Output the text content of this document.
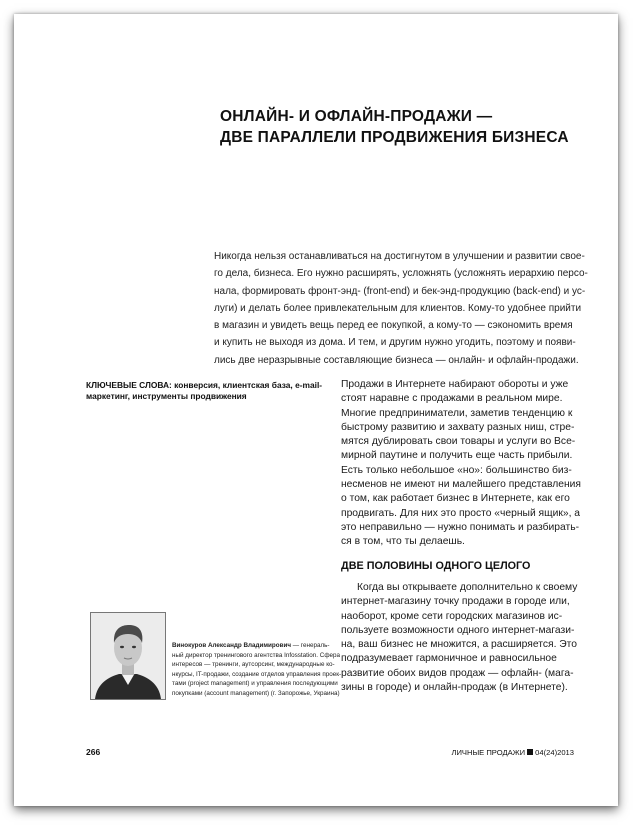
ОНЛАЙН- И ОФЛАЙН-ПРОДАЖИ —
ДВЕ ПАРАЛЛЕЛИ ПРОДВИЖЕНИЯ БИЗНЕСА
Никогда нельзя останавливаться на достигнутом в улучшении и развитии свое-
го дела, бизнеса. Его нужно расширять, усложнять (усложнять иерархию персо-
нала, формировать фронт-энд- (front-end) и бек-энд-продукцию (back-end) и ус-
луги) и делать более привлекательным для клиентов. Кому-то удобнее прийти
в магазин и увидеть вещь перед ее покупкой, а кому-то — сэкономить время
и купить не выходя из дома. И тем, и другим нужно угодить, поэтому и появи-
лись две неразрывные составляющие бизнеса — онлайн- и офлайн-продажи.
КЛЮЧЕВЫЕ СЛОВА: конверсия, клиентская база, e-mail-
маркетинг, инструменты продвижения
Продажи в Интернете набирают обороты и уже
стоят наравне с продажами в реальном мире.
Многие предприниматели, заметив тенденцию к
быстрому развитию и захвату разных ниш, стре-
мятся дублировать свои товары и услуги во Все-
мирной паутине и получить еще часть прибыли.
Есть только небольшое «но»: большинство биз-
несменов не имеют ни малейшего представления
о том, как работает бизнес в Интернете, как его
продвигать. Для них это просто «черный ящик», а
это неправильно — нужно понимать и разбирать-
ся в том, что ты делаешь.
ДВЕ ПОЛОВИНЫ ОДНОГО ЦЕЛОГО
Когда вы открываете дополнительно к своему
интернет-магазину точку продажи в городе или,
наоборот, кроме сети городских магазинов ис-
пользуете возможности одного интернет-магази-
на, ваш бизнес не множится, а расширяется. Это
подразумевает гармоничное и равносильное
развитие обоих видов продаж — офлайн- (мага-
зины в городе) и онлайн-продаж (в Интернете).
Винокуров Александр Владимирович — генераль-
ный директор тренингового агентства Infosstation. Сфера
интересов — тренинги, аутсорсинг, международные ко-
нкурсы, IT-продажи, создание отделов управления проек-
тами (project management) и управления последующими
покупками (account management) (г. Запорожье, Украина)
266	ЛИЧНЫЕ ПРОДАЖИ 04(24)2013
